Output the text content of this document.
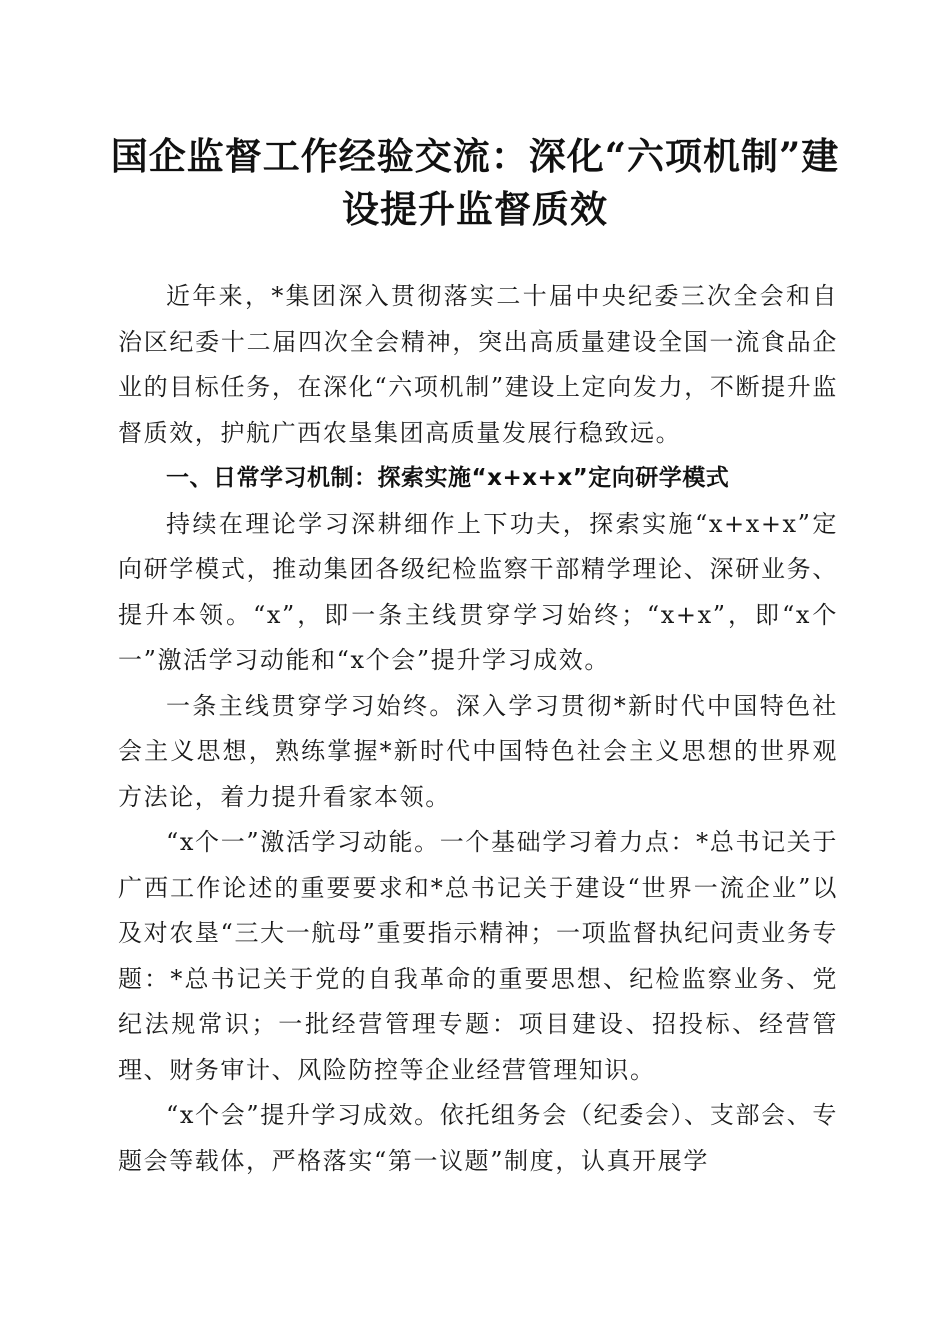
国企监督工作经验交流：深化“六项机制”建设提升监督质效

近年来，*集团深入贯彻落实二十届中央纪委三次全会和自治区纪委十二届四次全会精神，突出高质量建设全国一流食品企业的目标任务，在深化“六项机制”建设上定向发力，不断提升监督质效，护航广西农垦集团高质量发展行稳致远。

一、日常学习机制：探索实施“x+x+x”定向研学模式

持续在理论学习深耕细作上下功夫，探索实施“x+x+x”定向研学模式，推动集团各级纪检监察干部精学理论、深研业务、提升本领。“x”，即一条主线贯穿学习始终；“x+x”，即“x个一”激活学习动能和“x个会”提升学习成效。

一条主线贯穿学习始终。深入学习贯彻*新时代中国特色社会主义思想，熟练掌握*新时代中国特色社会主义思想的世界观方法论，着力提升看家本领。

“x个一”激活学习动能。一个基础学习着力点：*总书记关于广西工作论述的重要要求和*总书记关于建设“世界一流企业”以及对农垦“三大一航母”重要指示精神；一项监督执纪问责业务专题：*总书记关于党的自我革命的重要思想、纪检监察业务、党纪法规常识；一批经营管理专题：项目建设、招投标、经营管理、财务审计、风险防控等企业经营管理知识。

“x个会”提升学习成效。依托组务会（纪委会）、支部会、专题会等载体，严格落实“第一议题”制度，认真开展学
